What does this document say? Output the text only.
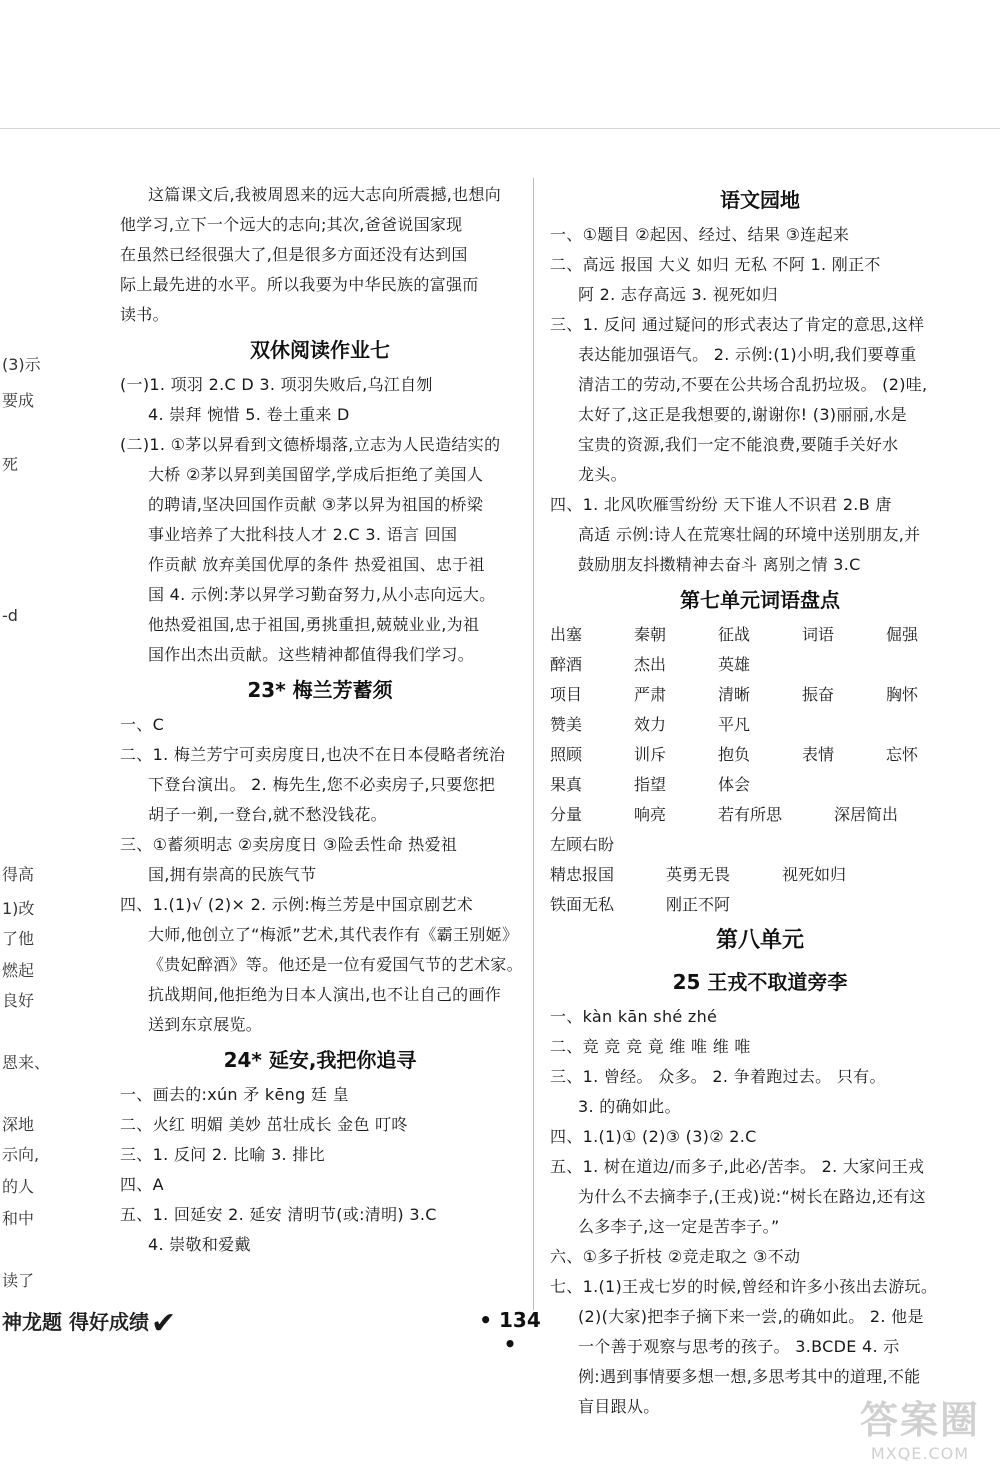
(3)示
要成
死
-d
得高
1)改
了他
燃起
良好
恩来、
深地
示向,
的人
和中
读了
这篇课文后,我被周恩来的远大志向所震撼,也想向
他学习,立下一个远大的志向;其次,爸爸说国家现
在虽然已经很强大了,但是很多方面还没有达到国
际上最先进的水平。所以我要为中华民族的富强而
读书。
双休阅读作业七
(一)1. 项羽 2.C D 3. 项羽失败后,乌江自刎
4. 崇拜 惋惜 5. 卷土重来 D
(二)1. ①茅以昇看到文德桥塌落,立志为人民造结实的
大桥 ②茅以昇到美国留学,学成后拒绝了美国人
的聘请,坚决回国作贡献 ③茅以昇为祖国的桥梁
事业培养了大批科技人才 2.C 3. 语言 回国
作贡献 放弃美国优厚的条件 热爱祖国、忠于祖
国 4. 示例:茅以昇学习勤奋努力,从小志向远大。
他热爱祖国,忠于祖国,勇挑重担,兢兢业业,为祖
国作出杰出贡献。这些精神都值得我们学习。
23* 梅兰芳蓄须
一、C
二、1. 梅兰芳宁可卖房度日,也决不在日本侵略者统治
下登台演出。 2. 梅先生,您不必卖房子,只要您把
胡子一剃,一登台,就不愁没钱花。
三、①蓄须明志 ②卖房度日 ③险丢性命 热爱祖
国,拥有崇高的民族气节
四、1.(1)√ (2)× 2. 示例:梅兰芳是中国京剧艺术
大师,他创立了“梅派”艺术,其代表作有《霸王别姬》
《贵妃醉酒》等。他还是一位有爱国气节的艺术家。
抗战期间,他拒绝为日本人演出,也不让自己的画作
送到东京展览。
24* 延安,我把你追寻
一、画去的:xún 矛 kēng 廷 皇
二、火红 明媚 美妙 茁壮成长 金色 叮咚
三、1. 反问 2. 比喻 3. 排比
四、A
五、1. 回延安 2. 延安 清明节(或:清明) 3.C
4. 崇敬和爱戴
语文园地
一、①题目 ②起因、经过、结果 ③连起来
二、高远 报国 大义 如归 无私 不阿 1. 刚正不
阿 2. 志存高远 3. 视死如归
三、1. 反问 通过疑问的形式表达了肯定的意思,这样
表达能加强语气。 2. 示例:(1)小明,我们要尊重
清洁工的劳动,不要在公共场合乱扔垃圾。 (2)哇,
太好了,这正是我想要的,谢谢你! (3)丽丽,水是
宝贵的资源,我们一定不能浪费,要随手关好水
龙头。
四、1. 北风吹雁雪纷纷 天下谁人不识君 2.B 唐
高适 示例:诗人在荒寒壮阔的环境中送别朋友,并
鼓励朋友抖擞精神去奋斗 离别之情 3.C
第七单元词语盘点
出塞	秦朝	征战	词语	倔强
醉酒	杰出	英雄
项目	严肃	清晰	振奋	胸怀
赞美	效力	平凡
照顾	训斥	抱负	表情	忘怀
果真	指望	体会
分量	响亮	若有所思	深居简出
左顾右盼
精忠报国	英勇无畏	视死如归
铁面无私	刚正不阿
第八单元
25 王戎不取道旁李
一、kàn kān shé zhé
二、竞 竞 竞 竟 维 唯 维 唯
三、1. 曾经。 众多。 2. 争着跑过去。 只有。
3. 的确如此。
四、1.(1)① (2)③ (3)② 2.C
五、1. 树在道边/而多子,此必/苦李。 2. 大家问王戎
为什么不去摘李子,(王戎)说:“树长在路边,还有这
么多李子,这一定是苦李子。”
六、①多子折枝 ②竞走取之 ③不动
七、1.(1)王戎七岁的时候,曾经和许多小孩出去游玩。
(2)(大家)把李子摘下来一尝,的确如此。 2. 他是
一个善于观察与思考的孩子。 3.BCDE 4. 示
例:遇到事情要多想一想,多思考其中的道理,不能
盲目跟从。
神龙题 得好成绩✔	• 134 •
答案圈
MXQE.COM
